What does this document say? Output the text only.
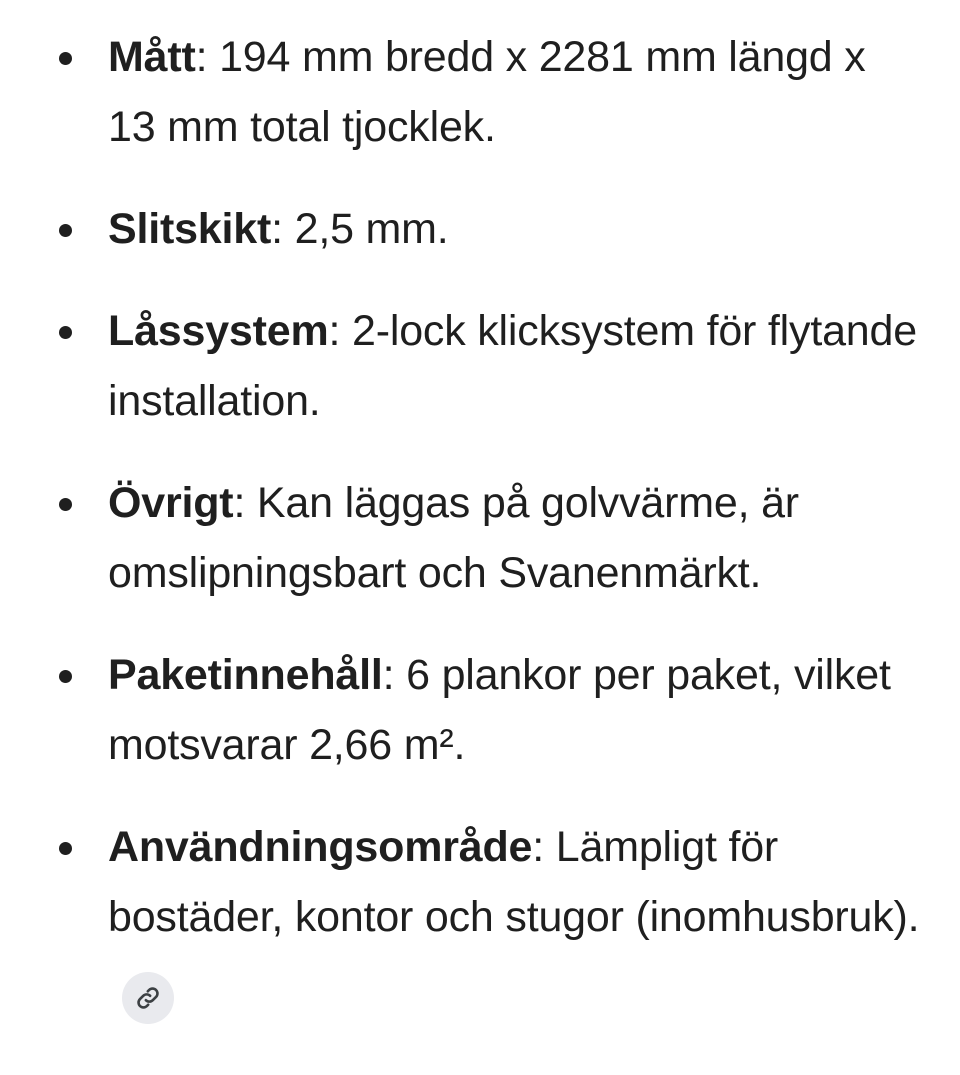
Mått: 194 mm bredd x 2281 mm längd x 13 mm total tjocklek.
Slitskikt: 2,5 mm.
Låssystem: 2-lock klicksystem för flytande installation.
Övrigt: Kan läggas på golvvärme, är omslipningsbart och Svanenmärkt.
Paketinnehåll: 6 plankor per paket, vilket motsvarar 2,66 m².
Användningsområde: Lämpligt för bostäder, kontor och stugor (inomhusbruk).
